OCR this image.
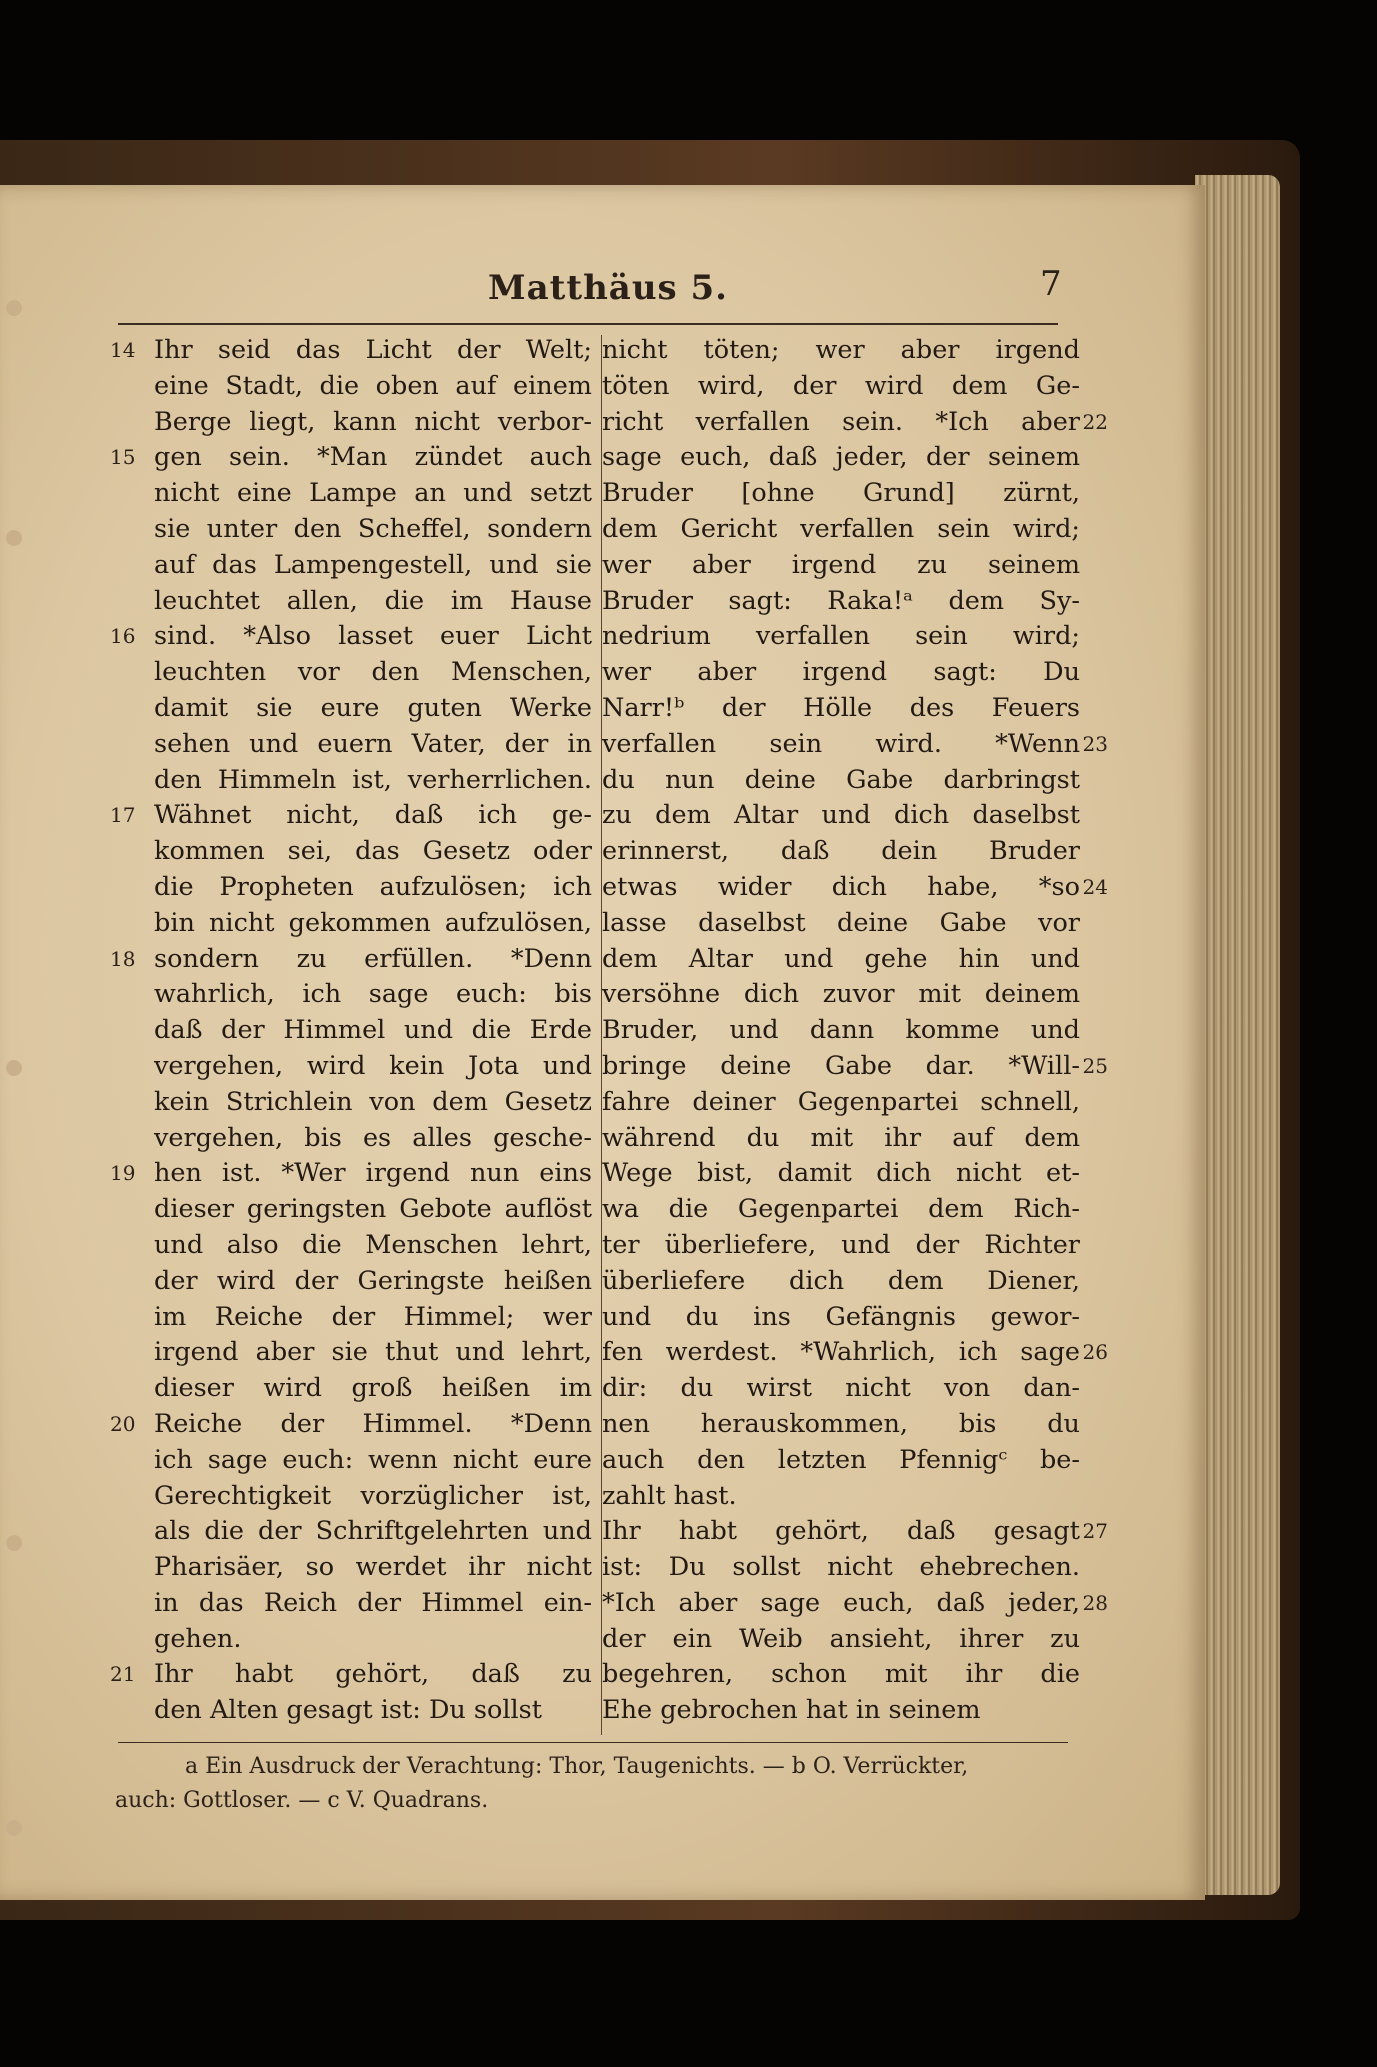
Matthäus 5.	7
14 Ihr seid das Licht der Welt;
eine Stadt, die oben auf einem
Berge liegt, kann nicht verbor-
15 gen sein. *Man zündet auch
nicht eine Lampe an und setzt
sie unter den Scheffel, sondern
auf das Lampengestell, und sie
leuchtet allen, die im Hause
16 sind. *Also lasset euer Licht
leuchten vor den Menschen,
damit sie eure guten Werke
sehen und euern Vater, der in
den Himmeln ist, verherrlichen.
17 Wähnet nicht, daß ich ge-
kommen sei, das Gesetz oder
die Propheten aufzulösen; ich
bin nicht gekommen aufzulösen,
18 sondern zu erfüllen. *Denn
wahrlich, ich sage euch: bis
daß der Himmel und die Erde
vergehen, wird kein Jota und
kein Strichlein von dem Gesetz
vergehen, bis es alles gesche-
19 hen ist. *Wer irgend nun eins
dieser geringsten Gebote auflöst
und also die Menschen lehrt,
der wird der Geringste heißen
im Reiche der Himmel; wer
irgend aber sie thut und lehrt,
dieser wird groß heißen im
20 Reiche der Himmel. *Denn
ich sage euch: wenn nicht eure
Gerechtigkeit vorzüglicher ist,
als die der Schriftgelehrten und
Pharisäer, so werdet ihr nicht
in das Reich der Himmel ein-
gehen.
21 Ihr habt gehört, daß zu
den Alten gesagt ist: Du sollst
nicht töten; wer aber irgend
töten wird, der wird dem Ge-
22
richt verfallen sein. *Ich aber
sage euch, daß jeder, der seinem
Bruder [ohne Grund] zürnt,
dem Gericht verfallen sein wird;
wer aber irgend zu seinem
Bruder sagt: Raka!ᵃ dem Sy-
nedrium verfallen sein wird;
wer aber irgend sagt: Du
Narr!ᵇ der Hölle des Feuers
23
verfallen sein wird. *Wenn
du nun deine Gabe darbringst
zu dem Altar und dich daselbst
erinnerst, daß dein Bruder
24
etwas wider dich habe, *so
lasse daselbst deine Gabe vor
dem Altar und gehe hin und
versöhne dich zuvor mit deinem
Bruder, und dann komme und
25
bringe deine Gabe dar. *Will-
fahre deiner Gegenpartei schnell,
während du mit ihr auf dem
Wege bist, damit dich nicht et-
wa die Gegenpartei dem Rich-
ter überliefere, und der Richter
überliefere dich dem Diener,
und du ins Gefängnis gewor-
26
fen werdest. *Wahrlich, ich sage
dir: du wirst nicht von dan-
nen herauskommen, bis du
auch den letzten Pfennigᶜ be-
zahlt hast.
27
Ihr habt gehört, daß gesagt
ist: Du sollst nicht ehebrechen.
28
*Ich aber sage euch, daß jeder,
der ein Weib ansieht, ihrer zu
begehren, schon mit ihr die
Ehe gebrochen hat in seinem
a Ein Ausdruck der Verachtung: Thor, Taugenichts. — b O. Verrückter,
auch: Gottloser. — c V. Quadrans.
